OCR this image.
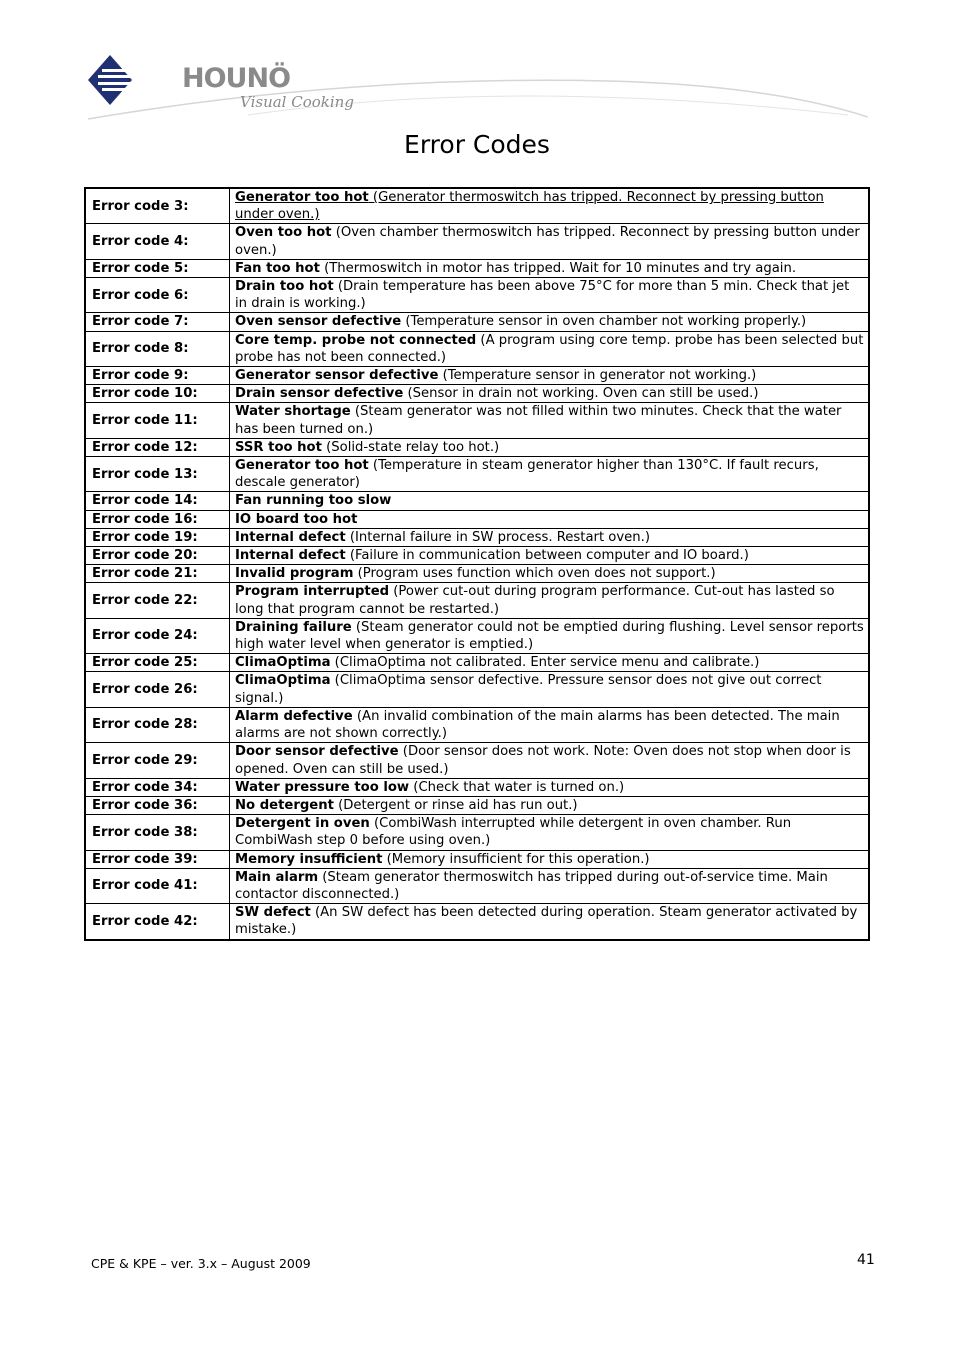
HOUNÖ
Visual Cooking
Error Codes
Error code 3:	Generator too hot (Generator thermoswitch has tripped. Reconnect by pressing button under oven.)
Error code 4:	Oven too hot (Oven chamber thermoswitch has tripped. Reconnect by pressing button under oven.)
Error code 5:	Fan too hot (Thermoswitch in motor has tripped. Wait for 10 minutes and try again.
Error code 6:	Drain too hot (Drain temperature has been above 75°C for more than 5 min. Check that jet in drain is working.)
Error code 7:	Oven sensor defective (Temperature sensor in oven chamber not working properly.)
Error code 8:	Core temp. probe not connected (A program using core temp. probe has been selected but probe has not been connected.)
Error code 9:	Generator sensor defective (Temperature sensor in generator not working.)
Error code 10:	Drain sensor defective (Sensor in drain not working. Oven can still be used.)
Error code 11:	Water shortage (Steam generator was not filled within two minutes. Check that the water has been turned on.)
Error code 12:	SSR too hot (Solid-state relay too hot.)
Error code 13:	Generator too hot (Temperature in steam generator higher than 130°C. If fault recurs, descale generator)
Error code 14:	Fan running too slow
Error code 16:	IO board too hot
Error code 19:	Internal defect (Internal failure in SW process. Restart oven.)
Error code 20:	Internal defect (Failure in communication between computer and IO board.)
Error code 21:	Invalid program (Program uses function which oven does not support.)
Error code 22:	Program interrupted (Power cut-out during program performance. Cut-out has lasted so long that program cannot be restarted.)
Error code 24:	Draining failure (Steam generator could not be emptied during flushing. Level sensor reports high water level when generator is emptied.)
Error code 25:	ClimaOptima (ClimaOptima not calibrated. Enter service menu and calibrate.)
Error code 26:	ClimaOptima (ClimaOptima sensor defective. Pressure sensor does not give out correct signal.)
Error code 28:	Alarm defective (An invalid combination of the main alarms has been detected. The main alarms are not shown correctly.)
Error code 29:	Door sensor defective (Door sensor does not work. Note: Oven does not stop when door is opened. Oven can still be used.)
Error code 34:	Water pressure too low (Check that water is turned on.)
Error code 36:	No detergent (Detergent or rinse aid has run out.)
Error code 38:	Detergent in oven (CombiWash interrupted while detergent in oven chamber. Run CombiWash step 0 before using oven.)
Error code 39:	Memory insufficient (Memory insufficient for this operation.)
Error code 41:	Main alarm (Steam generator thermoswitch has tripped during out-of-service time. Main contactor disconnected.)
Error code 42:	SW defect (An SW defect has been detected during operation. Steam generator activated by mistake.)
CPE & KPE – ver. 3.x – August 2009	41
